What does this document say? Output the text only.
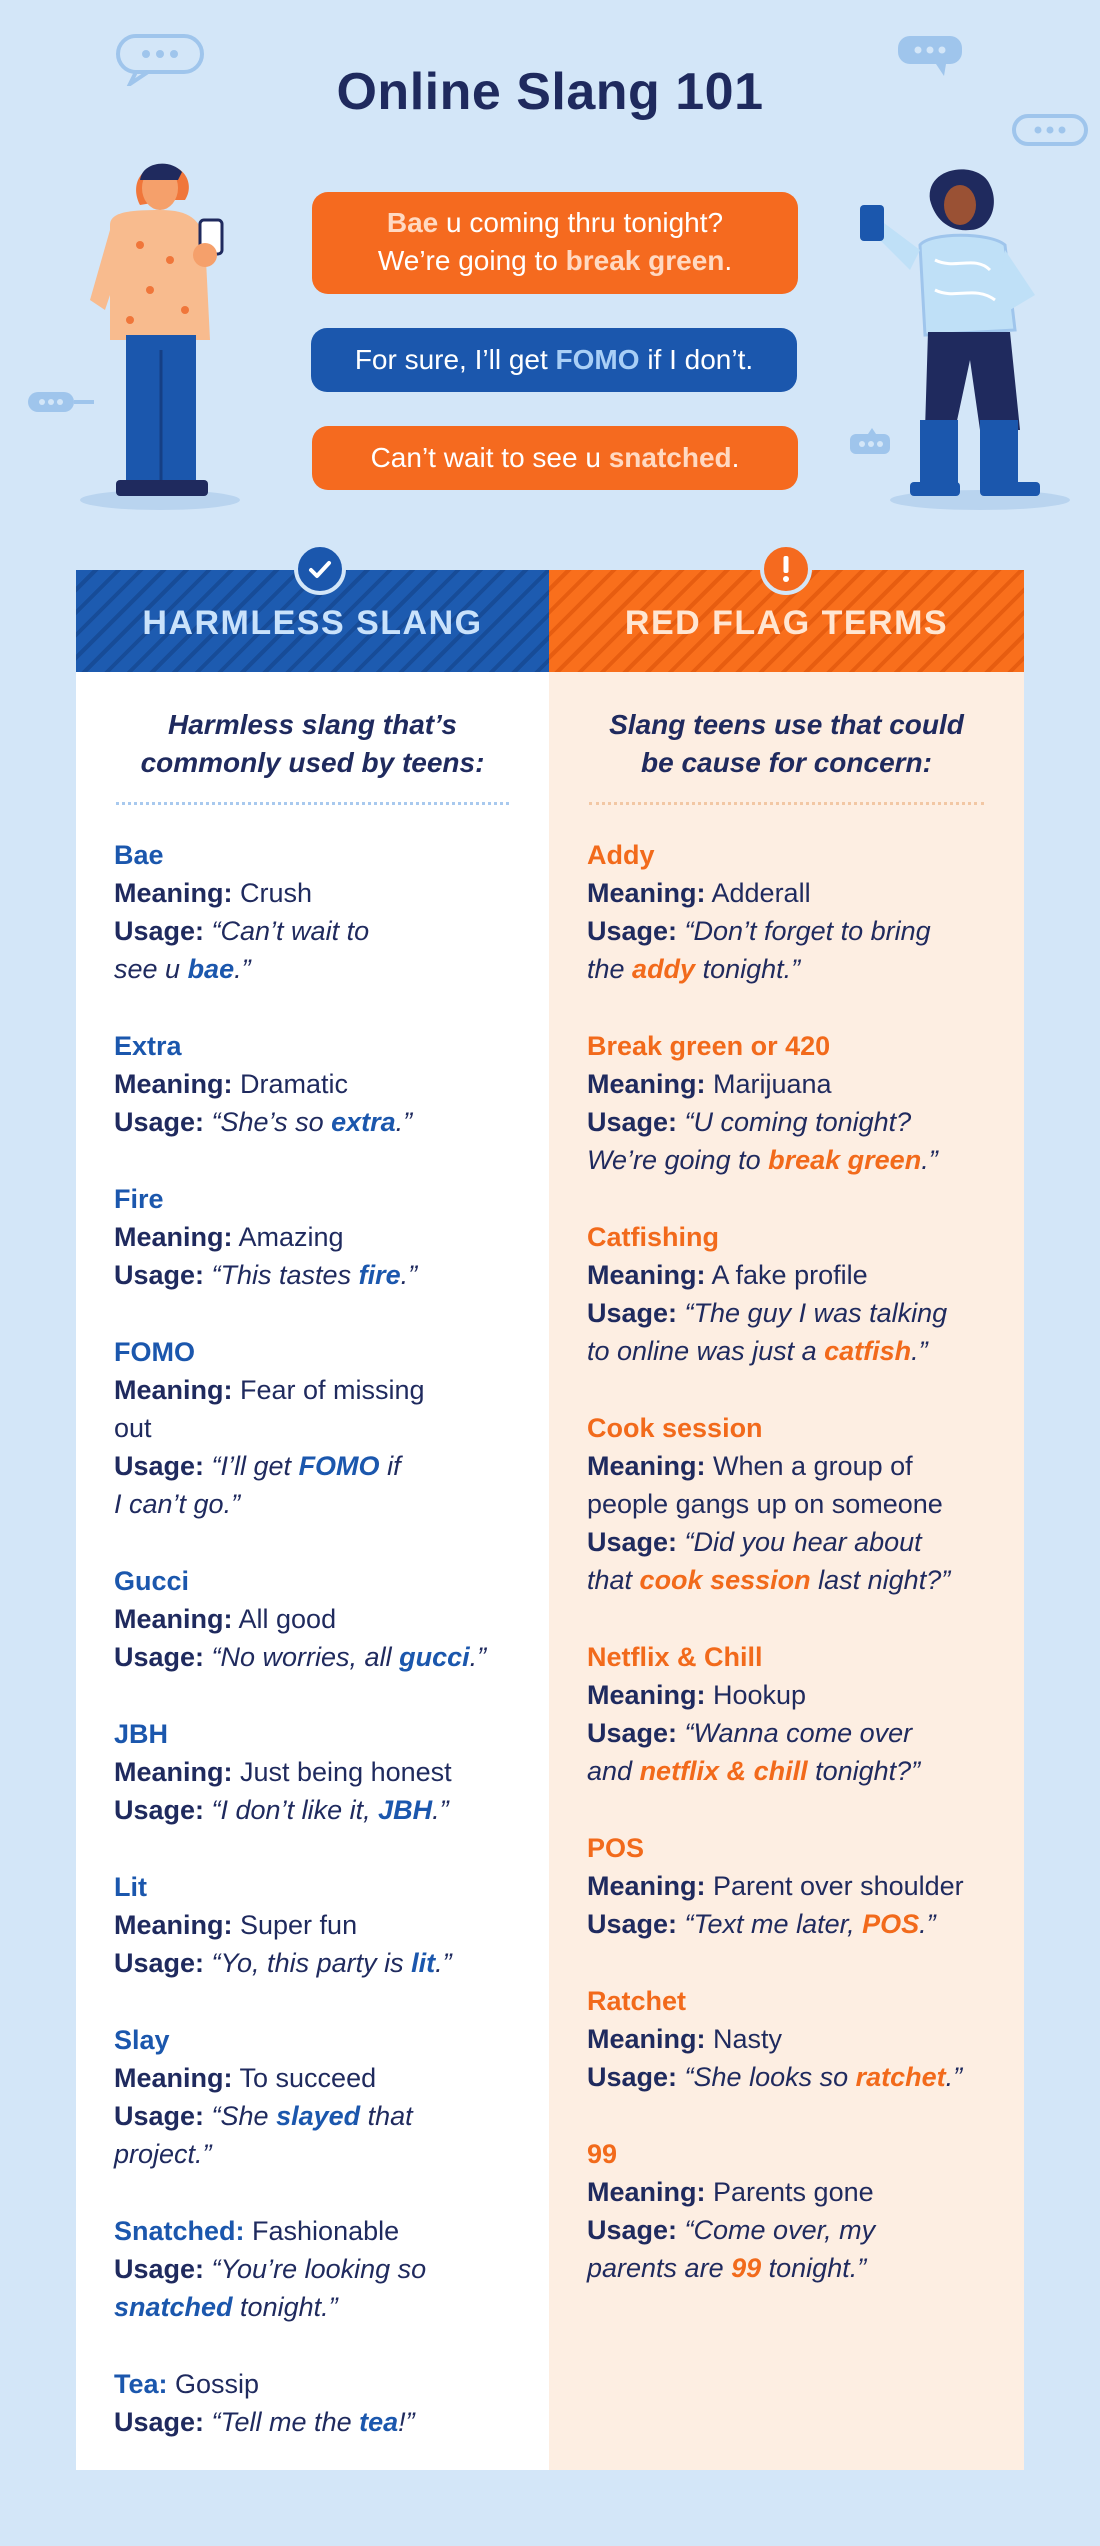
Online Slang 101
Bae u coming thru tonight?
We’re going to break green.
For sure, I’ll get FOMO if I don’t.
Can’t wait to see u snatched.
HARMLESS SLANG
Harmless slang that’s
commonly used by teens:
Bae
Meaning: Crush
Usage: “Can’t wait to
see u bae.”
Extra
Meaning: Dramatic
Usage: “She’s so extra.”
Fire
Meaning: Amazing
Usage: “This tastes fire.”
FOMO
Meaning: Fear of missing
out
Usage: “I’ll get FOMO if
I can’t go.”
Gucci
Meaning: All good
Usage: “No worries, all gucci.”
JBH
Meaning: Just being honest
Usage: “I don’t like it, JBH.”
Lit
Meaning: Super fun
Usage: “Yo, this party is lit.”
Slay
Meaning: To succeed
Usage: “She slayed that
project.”
Snatched: Fashionable
Usage: “You’re looking so
snatched tonight.”
Tea: Gossip
Usage: “Tell me the tea!”
RED FLAG TERMS
Slang teens use that could
be cause for concern:
Addy
Meaning: Adderall
Usage: “Don’t forget to bring
the addy tonight.”
Break green or 420
Meaning: Marijuana
Usage: “U coming tonight?
We’re going to break green.”
Catfishing
Meaning: A fake profile
Usage: “The guy I was talking
to online was just a catfish.”
Cook session
Meaning: When a group of
people gangs up on someone
Usage: “Did you hear about
that cook session last night?”
Netflix & Chill
Meaning: Hookup
Usage: “Wanna come over
and netflix & chill tonight?”
POS
Meaning: Parent over shoulder
Usage: “Text me later, POS.”
Ratchet
Meaning: Nasty
Usage: “She looks so ratchet.”
99
Meaning: Parents gone
Usage: “Come over, my
parents are 99 tonight.”
